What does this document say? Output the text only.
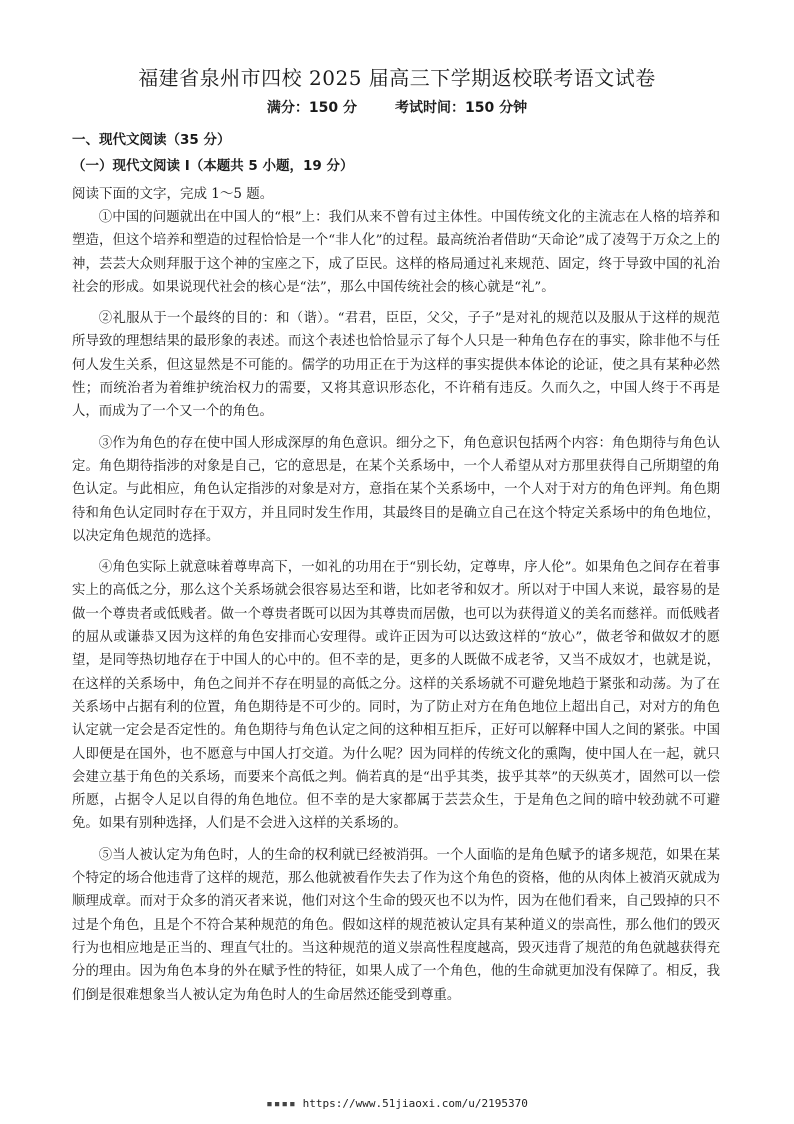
福建省泉州市四校 2025 届高三下学期返校联考语文试卷
满分：150 分	考试时间：150 分钟
一、现代文阅读（35 分）
（一）现代文阅读 I（本题共 5 小题，19 分）
阅读下面的文字，完成 1～5 题。

①中国的问题就出在中国人的“根”上：我们从来不曾有过主体性。中国传统文化的主流志在人格的培养和塑造，但这个培养和塑造的过程恰恰是一个“非人化”的过程。最高统治者借助“天命论”成了凌驾于万众之上的神，芸芸大众则拜服于这个神的宝座之下，成了臣民。这样的格局通过礼来规范、固定，终于导致中国的礼治社会的形成。如果说现代社会的核心是“法”，那么中国传统社会的核心就是“礼”。

②礼服从于一个最终的目的：和（谐）。“君君，臣臣，父父，子子”是对礼的规范以及服从于这样的规范所导致的理想结果的最形象的表述。而这个表述也恰恰显示了每个人只是一种角色存在的事实，除非他不与任何人发生关系，但这显然是不可能的。儒学的功用正在于为这样的事实提供本体论的论证，使之具有某种必然性；而统治者为着维护统治权力的需要，又将其意识形态化，不许稍有违反。久而久之，中国人终于不再是人，而成为了一个又一个的角色。

③作为角色的存在使中国人形成深厚的角色意识。细分之下，角色意识包括两个内容：角色期待与角色认定。角色期待指涉的对象是自己，它的意思是，在某个关系场中，一个人希望从对方那里获得自己所期望的角色认定。与此相应，角色认定指涉的对象是对方，意指在某个关系场中，一个人对于对方的角色评判。角色期待和角色认定同时存在于双方，并且同时发生作用，其最终目的是确立自己在这个特定关系场中的角色地位，以决定角色规范的选择。

④角色实际上就意味着尊卑高下，一如礼的功用在于“别长幼，定尊卑，序人伦”。如果角色之间存在着事实上的高低之分，那么这个关系场就会很容易达至和谐，比如老爷和奴才。所以对于中国人来说，最容易的是做一个尊贵者或低贱者。做一个尊贵者既可以因为其尊贵而居傲，也可以为获得道义的美名而慈祥。而低贱者的屈从或谦恭又因为这样的角色安排而心安理得。或许正因为可以达致这样的“放心”，做老爷和做奴才的愿望，是同等热切地存在于中国人的心中的。但不幸的是，更多的人既做不成老爷，又当不成奴才，也就是说，在这样的关系场中，角色之间并不存在明显的高低之分。这样的关系场就不可避免地趋于紧张和动荡。为了在关系场中占据有利的位置，角色期待是不可少的。同时，为了防止对方在角色地位上超出自己，对对方的角色认定就一定会是否定性的。角色期待与角色认定之间的这种相互拒斥，正好可以解释中国人之间的紧张。中国人即便是在国外，也不愿意与中国人打交道。为什么呢？因为同样的传统文化的熏陶，使中国人在一起，就只会建立基于角色的关系场，而要来个高低之判。倘若真的是“出乎其类，拔乎其萃”的天纵英才，固然可以一偿所愿，占据令人足以自得的角色地位。但不幸的是大家都属于芸芸众生，于是角色之间的暗中较劲就不可避免。如果有别种选择，人们是不会进入这样的关系场的。

⑤当人被认定为角色时，人的生命的权利就已经被消弭。一个人面临的是角色赋予的诸多规范，如果在某个特定的场合他违背了这样的规范，那么他就被看作失去了作为这个角色的资格，他的从肉体上被消灭就成为顺理成章。而对于众多的消灭者来说，他们对这个生命的毁灭也不以为忤，因为在他们看来，自己毁掉的只不过是个角色，且是个不符合某种规范的角色。假如这样的规范被认定具有某种道义的崇高性，那么他们的毁灭行为也相应地是正当的、理直气壮的。当这种规范的道义崇高性程度越高，毁灭违背了规范的角色就越获得充分的理由。因为角色本身的外在赋予性的特征，如果人成了一个角色，他的生命就更加没有保障了。相反，我们倒是很难想象当人被认定为角色时人的生命居然还能受到尊重。

▪▪▪▪ https://www.51jiaoxi.com/u/2195370
